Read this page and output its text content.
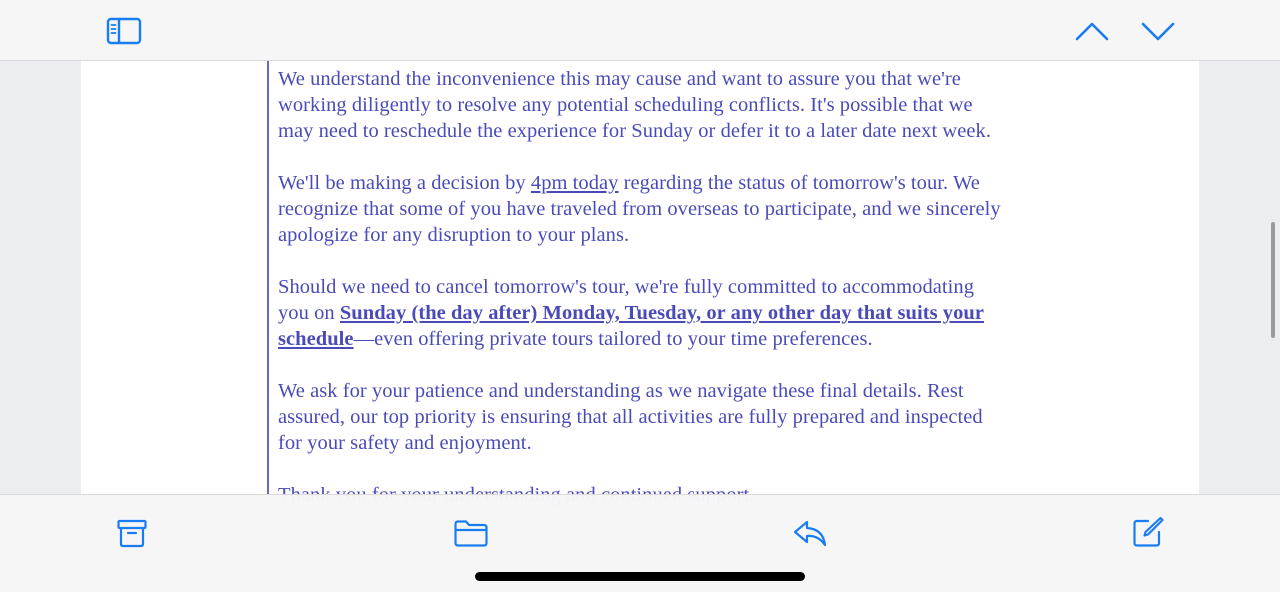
We understand the inconvenience this may cause and want to assure you that we're working diligently to resolve any potential scheduling conflicts. It's possible that we may need to reschedule the experience for Sunday or defer it to a later date next week.

We'll be making a decision by 4pm today regarding the status of tomorrow's tour. We recognize that some of you have traveled from overseas to participate, and we sincerely apologize for any disruption to your plans.

Should we need to cancel tomorrow's tour, we're fully committed to accommodating you on Sunday (the day after) Monday, Tuesday, or any other day that suits your schedule—even offering private tours tailored to your time preferences.

We ask for your patience and understanding as we navigate these final details. Rest assured, our top priority is ensuring that all activities are fully prepared and inspected for your safety and enjoyment.
